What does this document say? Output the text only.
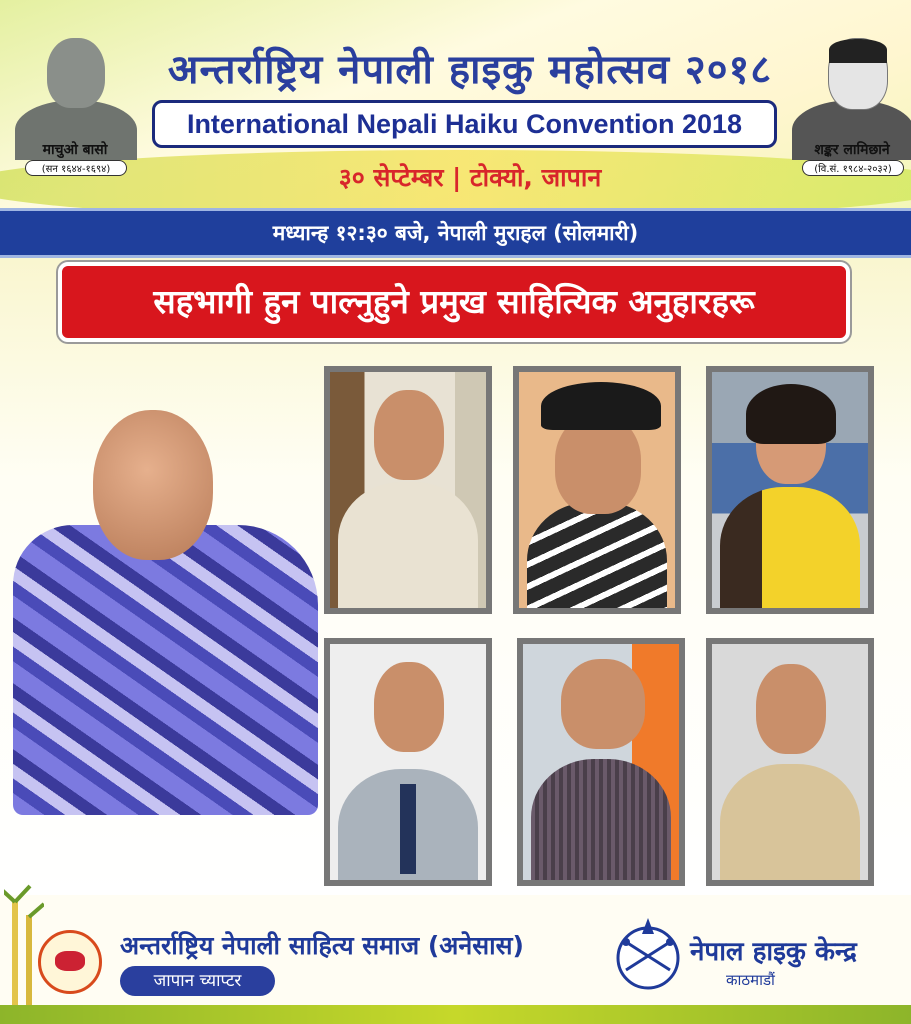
माचुओ बासो
(सन १६४४-१६९४)
शङ्कर लामिछाने
(वि.सं. १९८४-२०३२)
अन्तर्राष्ट्रिय नेपाली हाइकु महोत्सव २०१८
International Nepali Haiku Convention 2018
३० सेप्टेम्बर | टोक्यो, जापान
मध्यान्ह १२:३० बजे, नेपाली मुराहल (सोलमारी)
सहभागी हुन पाल्नुहुने प्रमुख साहित्यिक अनुहारहरू
अन्तर्राष्ट्रिय नेपाली साहित्य समाज (अनेसास)
जापान च्याप्टर
नेपाल हाइकु केन्द्र
काठमाडौं
